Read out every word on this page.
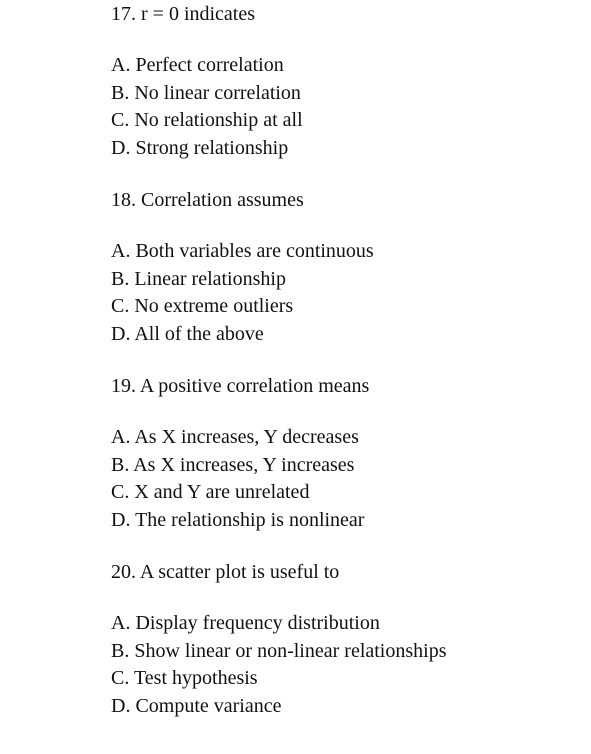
17. r = 0 indicates

A. Perfect correlation

B. No linear correlation

C. No relationship at all

D. Strong relationship

18. Correlation assumes

A. Both variables are continuous

B. Linear relationship

C. No extreme outliers

D. All of the above

19. A positive correlation means

A. As X increases, Y decreases

B. As X increases, Y increases

C. X and Y are unrelated

D. The relationship is nonlinear

20. A scatter plot is useful to

A. Display frequency distribution

B. Show linear or non-linear relationships

C. Test hypothesis

D. Compute variance
